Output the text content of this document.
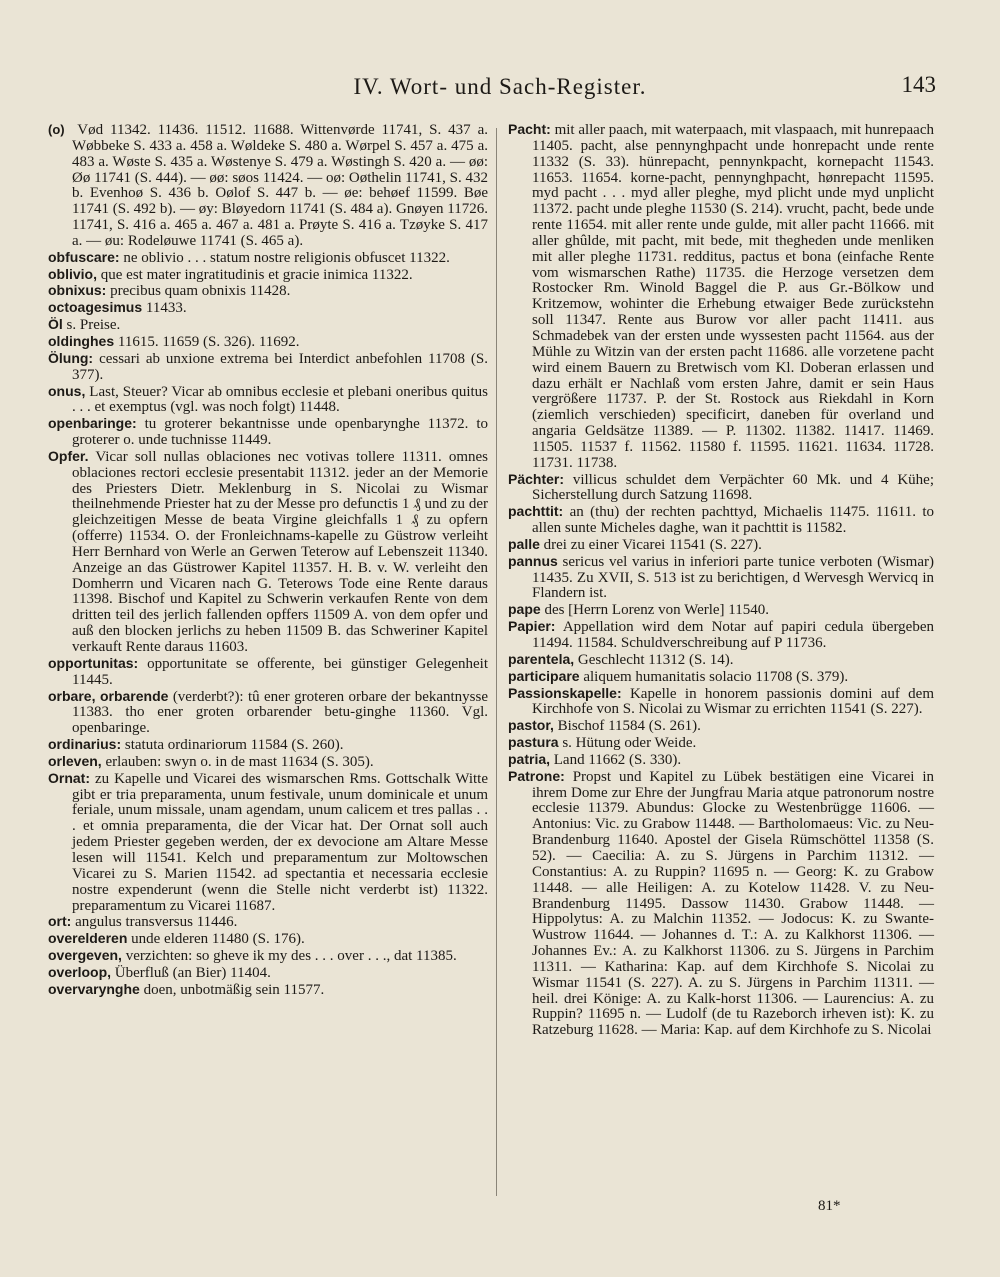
IV. Wort- und Sach-Register.	143

(o) Vød 11342. 11436. 11512. 11688. Wittenvørde 11741, S. 437 a. Wøbbeke S. 433 a. 458 a. Wøldeke S. 480 a. Wørpel S. 457 a. 475 a. 483 a. Wøste S. 435 a. Wøstenye S. 479 a. Wøstingh S. 420 a. — øø: Øø 11741 (S. 444). — øø: søos 11424. — oø: Oøthelin 11741, S. 432 b. Evenhoø S. 436 b. Oølof S. 447 b. — øe: behøef 11599. Bøe 11741 (S. 492 b). — øy: Bløyedorn 11741 (S. 484 a). Gnøyen 11726. 11741, S. 416 a. 465 a. 467 a. 481 a. Prøyte S. 416 a. Tzøyke S. 417 a. — øu: Rodeløuwe 11741 (S. 465 a).

obfuscare: ne oblivio . . . statum nostre religionis obfuscet 11322.

oblivio, que est mater ingratitudinis et gracie inimica 11322.

obnixus: precibus quam obnixis 11428.

octoagesimus 11433.

Öl s. Preise.

oldinghes 11615. 11659 (S. 326). 11692.

Ölung: cessari ab unxione extrema bei Interdict anbefohlen 11708 (S. 377).

onus, Last, Steuer? Vicar ab omnibus ecclesie et plebani oneribus quitus . . . et exemptus (vgl. was noch folgt) 11448.

openbaringe: tu groterer bekantnisse unde openbarynghe 11372. to groterer o. unde tuchnisse 11449.

Opfer. Vicar soll nullas oblaciones nec votivas tollere 11311. omnes oblaciones rectori ecclesie presentabit 11312. jeder an der Memorie des Priesters Dietr. Meklenburg in S. Nicolai zu Wismar theilnehmende Priester hat zu der Messe pro defunctis 1 ₰ und zu der gleichzeitigen Messe de beata Virgine gleichfalls 1 ₰ zu opfern (offerre) 11534. O. der Fronleichnams-kapelle zu Güstrow verleiht Herr Bernhard von Werle an Gerwen Teterow auf Lebenszeit 11340. Anzeige an das Güstrower Kapitel 11357. H. B. v. W. verleiht den Domherrn und Vicaren nach G. Teterows Tode eine Rente daraus 11398. Bischof und Kapitel zu Schwerin verkaufen Rente von dem dritten teil des jerlich fallenden opffers 11509 A. von dem opfer und auß den blocken jerlichs zu heben 11509 B. das Schweriner Kapitel verkauft Rente daraus 11603.

opportunitas: opportunitate se offerente, bei günstiger Gelegenheit 11445.

orbare, orbarende (verderbt?): tû ener groteren orbare der bekantnysse 11383. tho ener groten orbarender betu-ginghe 11360. Vgl. openbaringe.

ordinarius: statuta ordinariorum 11584 (S. 260).

orleven, erlauben: swyn o. in de mast 11634 (S. 305).

Ornat: zu Kapelle und Vicarei des wismarschen Rms. Gottschalk Witte gibt er tria preparamenta, unum festivale, unum dominicale et unum feriale, unum missale, unam agendam, unum calicem et tres pallas . . . et omnia preparamenta, die der Vicar hat. Der Ornat soll auch jedem Priester gegeben werden, der ex devocione am Altare Messe lesen will 11541. Kelch und preparamentum zur Moltowschen Vicarei zu S. Marien 11542. ad spectantia et necessaria ecclesie nostre expenderunt (wenn die Stelle nicht verderbt ist) 11322. preparamentum zu Vicarei 11687.

ort: angulus transversus 11446.

overelderen unde elderen 11480 (S. 176).

overgeven, verzichten: so gheve ik my des . . . over . . ., dat 11385.

overloop, Überfluß (an Bier) 11404.

overvarynghe doen, unbotmäßig sein 11577.

Pacht: mit aller paach, mit waterpaach, mit vlaspaach, mit hunrepaach 11405. pacht, alse pennynghpacht unde honrepacht unde rente 11332 (S. 33). hünrepacht, pennynkpacht, kornepacht 11543. 11653. 11654. korne-pacht, pennynghpacht, hønrepacht 11595. myd pacht . . . myd aller pleghe, myd plicht unde myd unplicht 11372. pacht unde pleghe 11530 (S. 214). vrucht, pacht, bede unde rente 11654. mit aller rente unde gulde, mit aller pacht 11666. mit aller ghûlde, mit pacht, mit bede, mit thegheden unde menliken mit aller pleghe 11731. redditus, pactus et bona (einfache Rente vom wismarschen Rathe) 11735. die Herzoge versetzen dem Rostocker Rm. Winold Baggel die P. aus Gr.-Bölkow und Kritzemow, wohinter die Erhebung etwaiger Bede zurückstehn soll 11347. Rente aus Burow vor aller pacht 11411. aus Schmadebek van der ersten unde wyssesten pacht 11564. aus der Mühle zu Witzin van der ersten pacht 11686. alle vorzetene pacht wird einem Bauern zu Bretwisch vom Kl. Doberan erlassen und dazu erhält er Nachlaß vom ersten Jahre, damit er sein Haus vergrößere 11737. P. der St. Rostock aus Riekdahl in Korn (ziemlich verschieden) specificirt, daneben für overland und angaria Geldsätze 11389. — P. 11302. 11382. 11417. 11469. 11505. 11537 f. 11562. 11580 f. 11595. 11621. 11634. 11728. 11731. 11738.

Pächter: villicus schuldet dem Verpächter 60 Mk. und 4 Kühe; Sicherstellung durch Satzung 11698.

pachttit: an (thu) der rechten pachttyd, Michaelis 11475. 11611. to allen sunte Micheles daghe, wan it pachttit is 11582.

palle drei zu einer Vicarei 11541 (S. 227).

pannus sericus vel varius in inferiori parte tunice verboten (Wismar) 11435. Zu XVII, S. 513 ist zu berichtigen, d Wervesgh Wervicq in Flandern ist.

pape des [Herrn Lorenz von Werle] 11540.

Papier: Appellation wird dem Notar auf papiri cedula übergeben 11494. 11584. Schuldverschreibung auf P 11736.

parentela, Geschlecht 11312 (S. 14).

participare aliquem humanitatis solacio 11708 (S. 379).

Passionskapelle: Kapelle in honorem passionis domini auf dem Kirchhofe von S. Nicolai zu Wismar zu errichten 11541 (S. 227).

pastor, Bischof 11584 (S. 261).

pastura s. Hütung oder Weide.

patria, Land 11662 (S. 330).

Patrone: Propst und Kapitel zu Lübek bestätigen eine Vicarei in ihrem Dome zur Ehre der Jungfrau Maria atque patronorum nostre ecclesie 11379. Abundus: Glocke zu Westenbrügge 11606. — Antonius: Vic. zu Grabow 11448. — Bartholomaeus: Vic. zu Neu-Brandenburg 11640. Apostel der Gisela Rümschöttel 11358 (S. 52). — Caecilia: A. zu S. Jürgens in Parchim 11312. — Constantius: A. zu Ruppin? 11695 n. — Georg: K. zu Grabow 11448. — alle Heiligen: A. zu Kotelow 11428. V. zu Neu-Brandenburg 11495. Dassow 11430. Grabow 11448. — Hippolytus: A. zu Malchin 11352. — Jodocus: K. zu Swante-Wustrow 11644. — Johannes d. T.: A. zu Kalkhorst 11306. — Johannes Ev.: A. zu Kalkhorst 11306. zu S. Jürgens in Parchim 11311. — Katharina: Kap. auf dem Kirchhofe S. Nicolai zu Wismar 11541 (S. 227). A. zu S. Jürgens in Parchim 11311. — heil. drei Könige: A. zu Kalk-horst 11306. — Laurencius: A. zu Ruppin? 11695 n. — Ludolf (de tu Razeborch irheven ist): K. zu Ratzeburg 11628. — Maria: Kap. auf dem Kirchhofe zu S. Nicolai

81*
